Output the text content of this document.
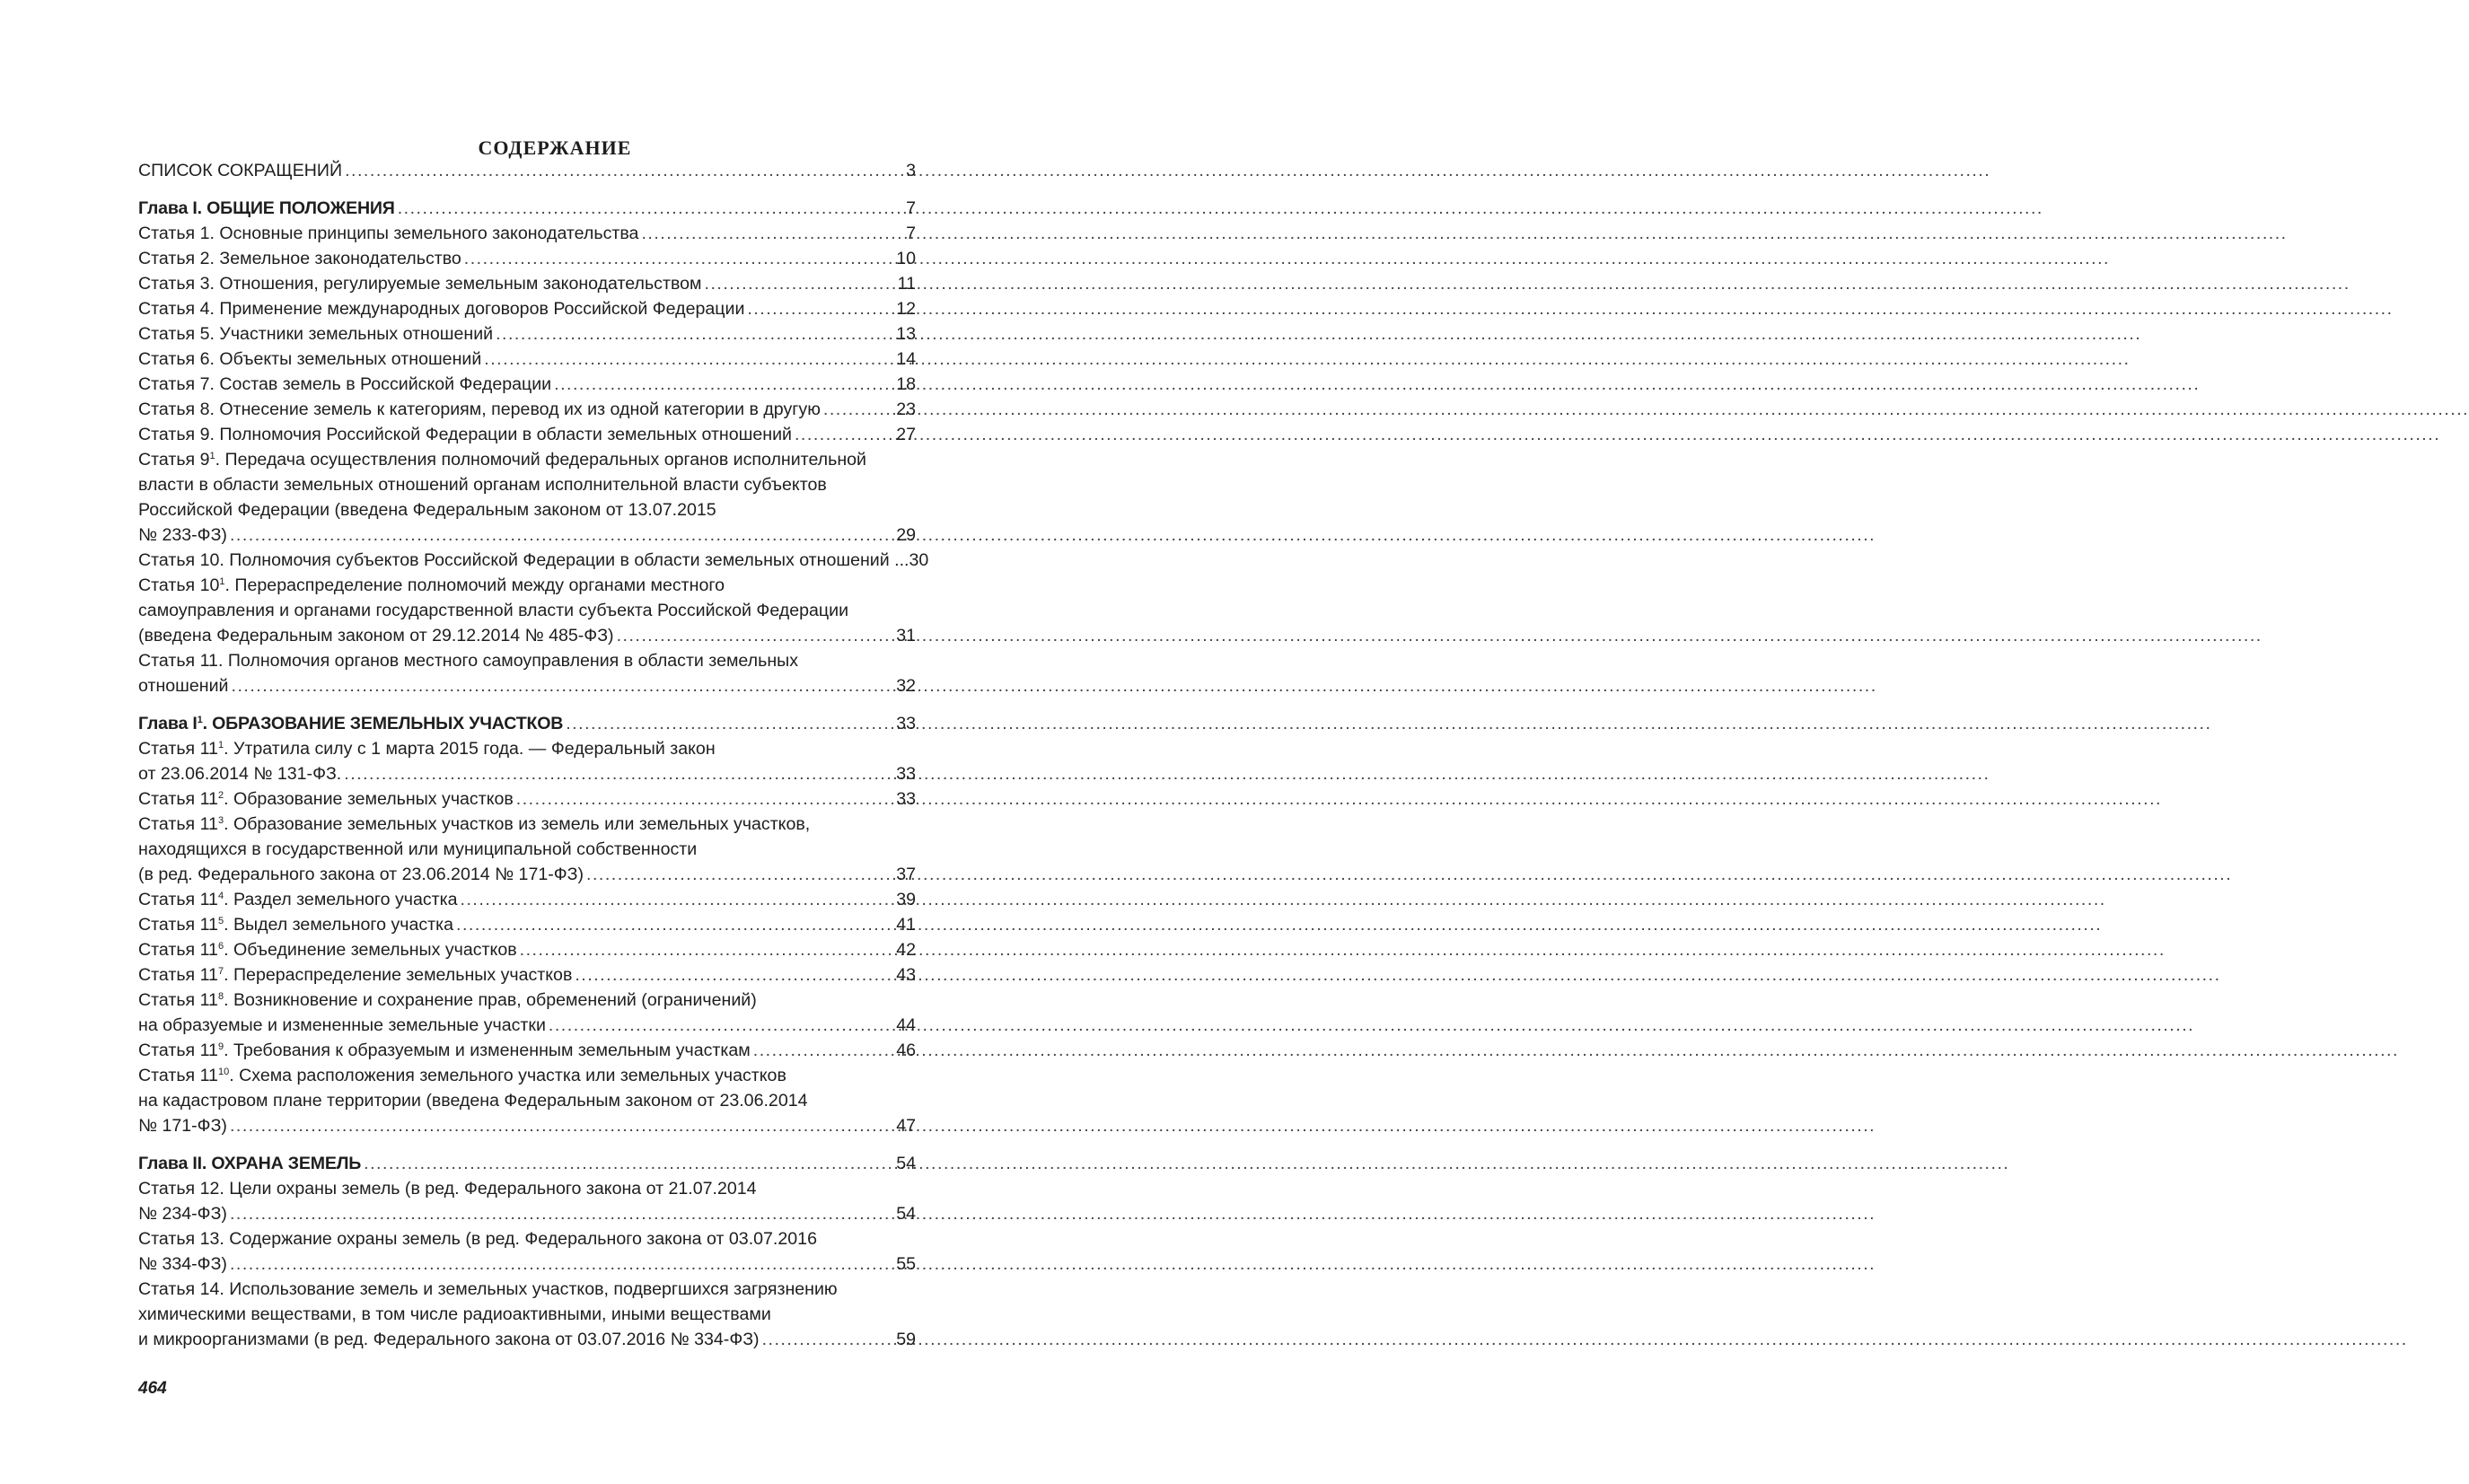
СОДЕРЖАНИЕ
СПИСОК СОКРАЩЕНИЙ .....	3
Глава I. ОБЩИЕ ПОЛОЖЕНИЯ .....	7
Статья 1. Основные принципы земельного законодательства .....	7
Статья 2. Земельное законодательство .....	10
Статья 3. Отношения, регулируемые земельным законодательством .....	11
Статья 4. Применение международных договоров Российской Федерации .....	12
Статья 5. Участники земельных отношений .....	13
Статья 6. Объекты земельных отношений .....	14
Статья 7. Состав земель в Российской Федерации .....	18
Статья 8. Отнесение земель к категориям, перевод их из одной категории в другую .....	23
Статья 9. Полномочия Российской Федерации в области земельных отношений .....	27
Статья $9^1$. Передача осуществления полномочий федеральных органов исполнительной
власти в области земельных отношений органам исполнительной власти субъектов
Российской Федерации (введена Федеральным законом от 13.07.2015
№ 233-ФЗ) .....	29
Статья 10. Полномочия субъектов Российской Федерации в области земельных отношений ... 30
Статья $10^1$. Перераспределение полномочий между органами местного
самоуправления и органами государственной власти субъекта Российской Федерации
(введена Федеральным законом от 29.12.2014 № 485-ФЗ) .....	31
Статья 11. Полномочия органов местного самоуправления в области земельных
отношений .....	32
Глава $I^1$. ОБРАЗОВАНИЕ ЗЕМЕЛЬНЫХ УЧАСТКОВ .....	33
Статья $11^1$. Утратила силу с 1 марта 2015 года. — Федеральный закон
от 23.06.2014 № 131-ФЗ. .....	33
Статья $11^2$. Образование земельных участков .....	33
Статья $11^3$. Образование земельных участков из земель или земельных участков,
находящихся в государственной или муниципальной собственности
(в ред. Федерального закона от 23.06.2014 № 171-ФЗ) .....	37
Статья $11^4$. Раздел земельного участка .....	39
Статья $11^5$. Выдел земельного участка .....	41
Статья $11^6$. Объединение земельных участков .....	42
Статья $11^7$. Перераспределение земельных участков .....	43
Статья $11^8$. Возникновение и сохранение прав, обременений (ограничений)
на образуемые и измененные земельные участки .....	44
Статья $11^9$. Требования к образуемым и измененным земельным участкам .....	46
Статья $11^{10}$. Схема расположения земельного участка или земельных участков
на кадастровом плане территории (введена Федеральным законом от 23.06.2014
№ 171-ФЗ) .....	47
Глава II. ОХРАНА ЗЕМЕЛЬ .....	54
Статья 12. Цели охраны земель (в ред. Федерального закона от 21.07.2014
№ 234-ФЗ) .....	54
Статья 13. Содержание охраны земель (в ред. Федерального закона от 03.07.2016
№ 334-ФЗ) .....	55
Статья 14. Использование земель и земельных участков, подвергшихся загрязнению
химическими веществами, в том числе радиоактивными, иными веществами
и микроорганизмами (в ред. Федерального закона от 03.07.2016 № 334-ФЗ) .....	59
464
